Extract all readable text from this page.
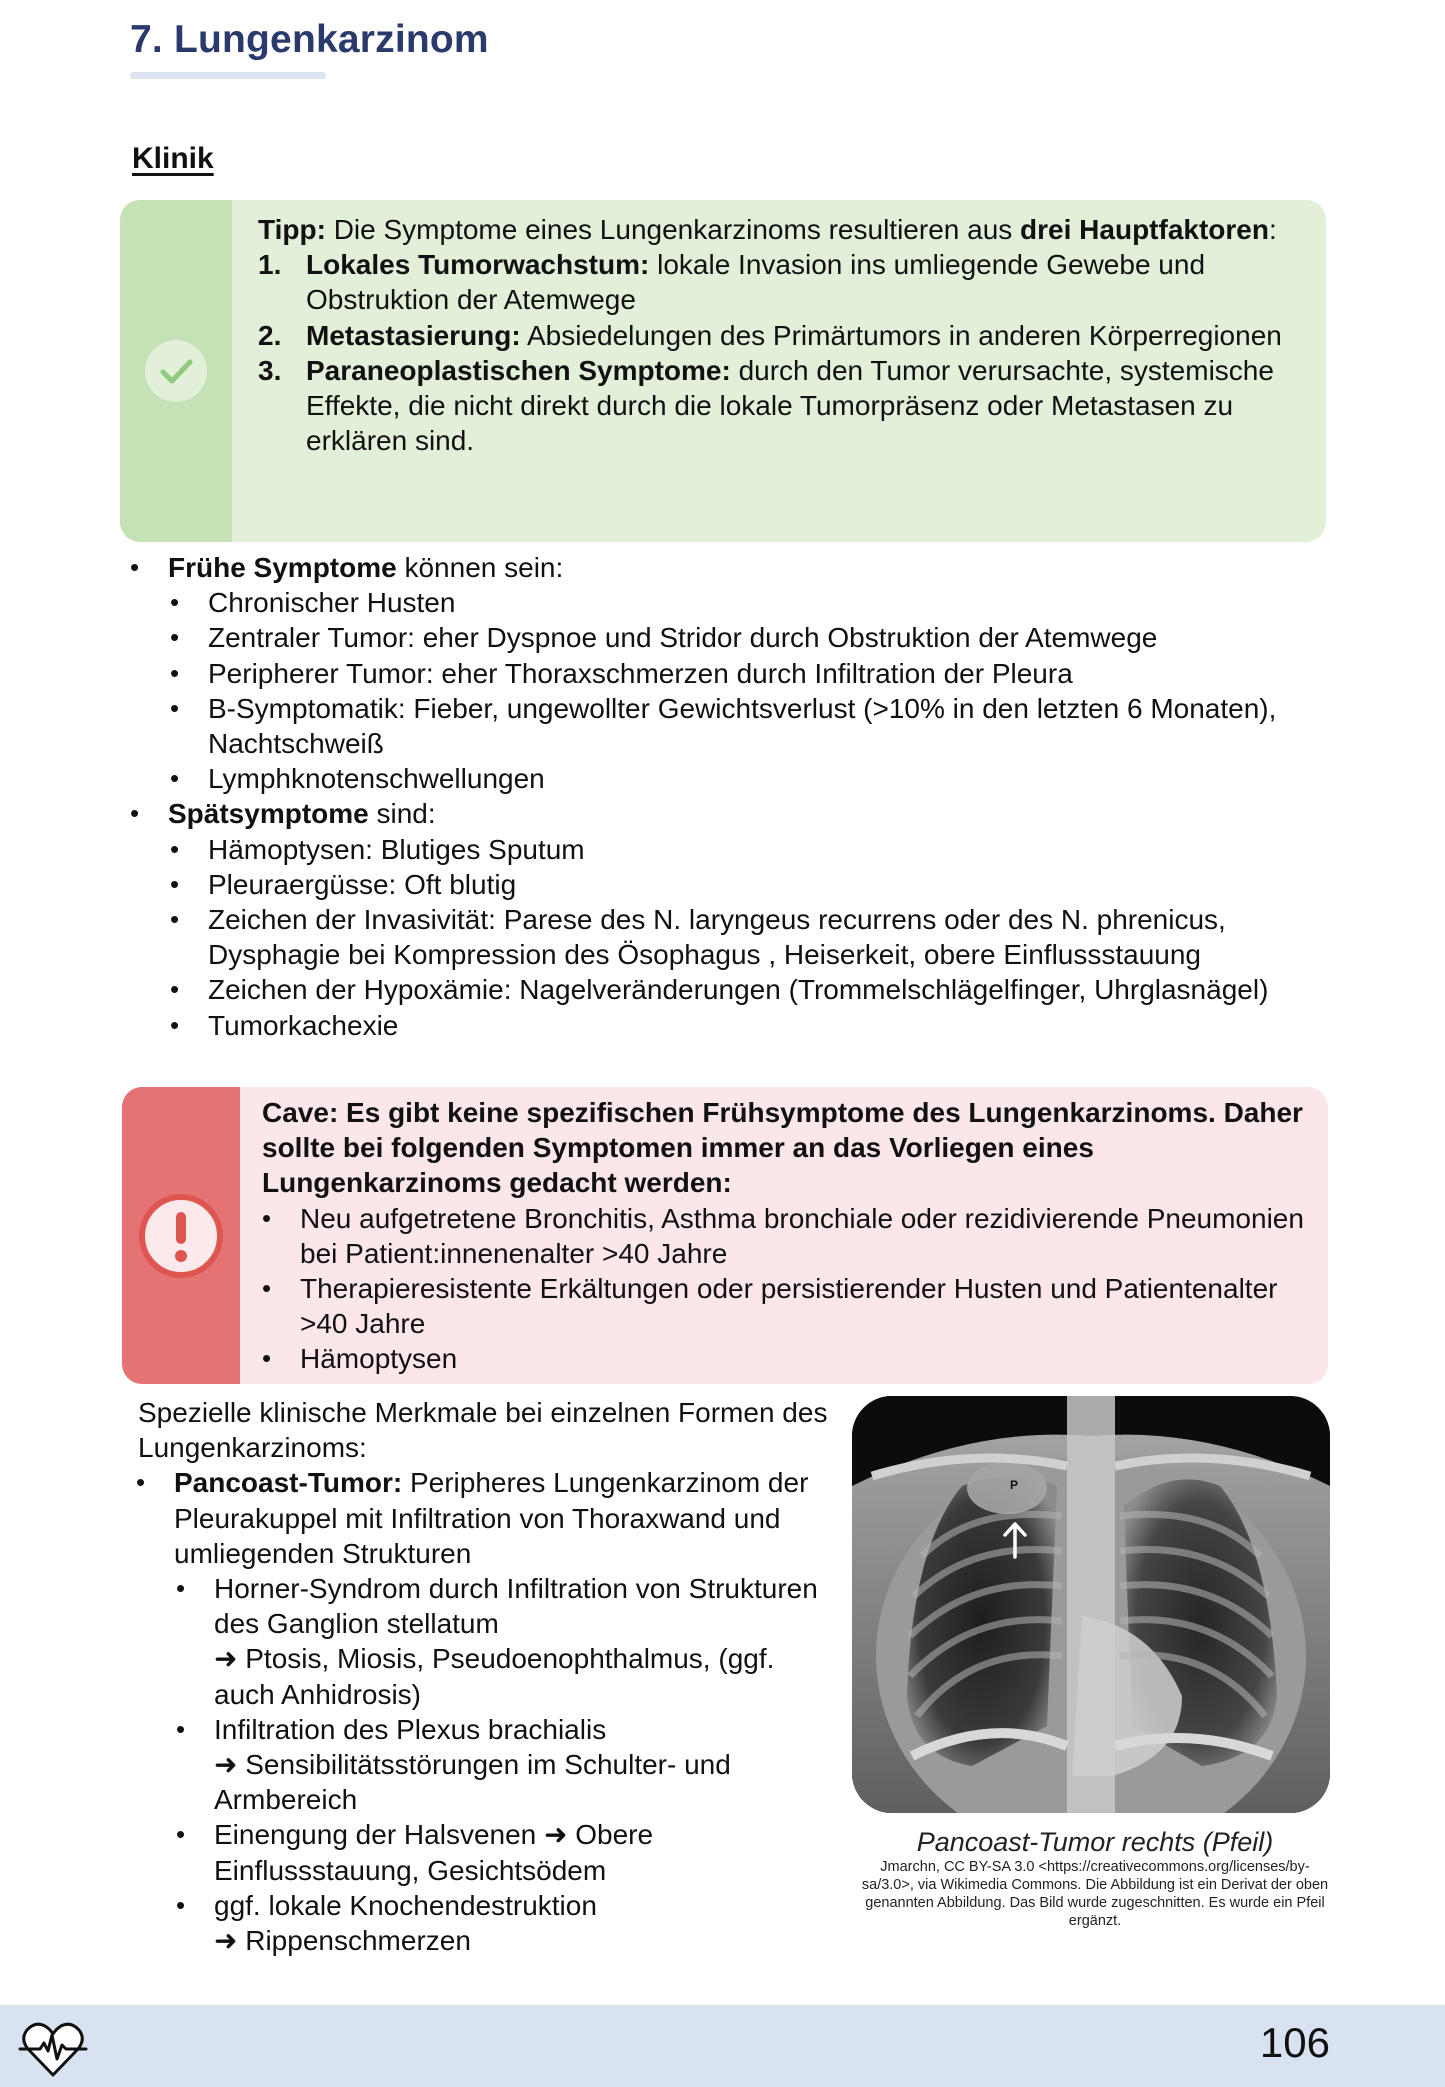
7. Lungenkarzinom
Klinik
Tipp: Die Symptome eines Lungenkarzinoms resultieren aus drei Hauptfaktoren:
1. Lokales Tumorwachstum: lokale Invasion ins umliegende Gewebe und Obstruktion der Atemwege
2. Metastasierung: Absiedelungen des Primärtumors in anderen Körperregionen
3. Paraneoplastischen Symptome: durch den Tumor verursachte, systemische Effekte, die nicht direkt durch die lokale Tumorpräsenz oder Metastasen zu erklären sind.
• Frühe Symptome können sein:
• Chronischer Husten
• Zentraler Tumor: eher Dyspnoe und Stridor durch Obstruktion der Atemwege
• Peripherer Tumor: eher Thoraxschmerzen durch Infiltration der Pleura
• B-Symptomatik: Fieber, ungewollter Gewichtsverlust (>10% in den letzten 6 Monaten), Nachtschweiß
• Lymphknotenschwellungen
• Spätsymptome sind:
• Hämoptysen: Blutiges Sputum
• Pleuraergüsse: Oft blutig
• Zeichen der Invasivität: Parese des N. laryngeus recurrens oder des N. phrenicus, Dysphagie bei Kompression des Ösophagus , Heiserkeit, obere Einflussstauung
• Zeichen der Hypoxämie: Nagelveränderungen (Trommelschlägelfinger, Uhrglasnägel)
• Tumorkachexie
Cave: Es gibt keine spezifischen Frühsymptome des Lungenkarzinoms. Daher sollte bei folgenden Symptomen immer an das Vorliegen eines Lungenkarzinoms gedacht werden:
• Neu aufgetretene Bronchitis, Asthma bronchiale oder rezidivierende Pneumonien bei Patient:innenenalter >40 Jahre
• Therapieresistente Erkältungen oder persistierender Husten und Patientenalter >40 Jahre
• Hämoptysen
Spezielle klinische Merkmale bei einzelnen Formen des Lungenkarzinoms:
• Pancoast-Tumor: Peripheres Lungenkarzinom der Pleurakuppel mit Infiltration von Thoraxwand und umliegenden Strukturen
• Horner-Syndrom durch Infiltration von Strukturen des Ganglion stellatum
➜ Ptosis, Miosis, Pseudoenophthalmus, (ggf. auch Anhidrosis)
• Infiltration des Plexus brachialis
➜ Sensibilitätsstörungen im Schulter- und Armbereich
• Einengung der Halsvenen ➜ Obere Einflussstauung, Gesichtsödem
• ggf. lokale Knochendestruktion
➜ Rippenschmerzen
P
Pancoast-Tumor rechts (Pfeil)
Jmarchn, CC BY-SA 3.0 <https://creativecommons.org/licenses/by-sa/3.0>, via Wikimedia Commons. Die Abbildung ist ein Derivat der oben genannten Abbildung. Das Bild wurde zugeschnitten. Es wurde ein Pfeil ergänzt.
106
